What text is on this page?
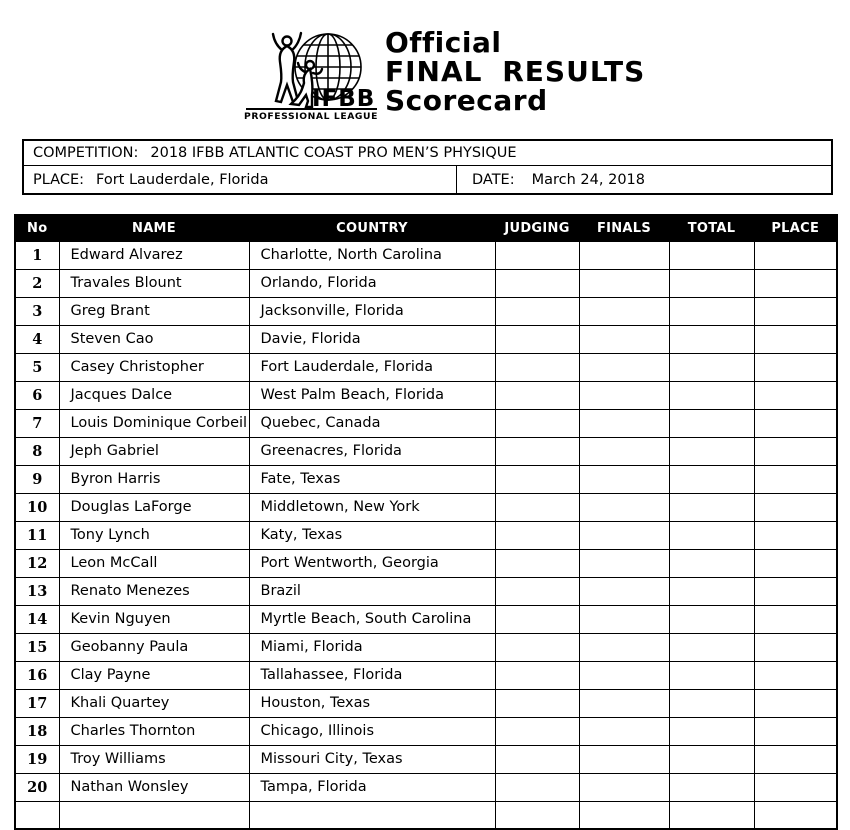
IFBB
PROFESSIONAL LEAGUE
Official
FINAL RESULTS
Scorecard
COMPETITION: 2018 IFBB ATLANTIC COAST PRO MEN’S PHYSIQUE
PLACE: Fort Lauderdale, Florida	DATE: March 24, 2018
No	NAME	COUNTRY	JUDGING	FINALS	TOTAL	PLACE
1	Edward Alvarez	Charlotte, North Carolina				
2	Travales Blount	Orlando, Florida				
3	Greg Brant	Jacksonville, Florida				
4	Steven Cao	Davie, Florida				
5	Casey Christopher	Fort Lauderdale, Florida				
6	Jacques Dalce	West Palm Beach, Florida				
7	Louis Dominique Corbeil	Quebec, Canada				
8	Jeph Gabriel	Greenacres, Florida				
9	Byron Harris	Fate, Texas				
10	Douglas LaForge	Middletown, New York				
11	Tony Lynch	Katy, Texas				
12	Leon McCall	Port Wentworth, Georgia				
13	Renato Menezes	Brazil				
14	Kevin Nguyen	Myrtle Beach, South Carolina				
15	Geobanny Paula	Miami, Florida				
16	Clay Payne	Tallahassee, Florida				
17	Khali Quartey	Houston, Texas				
18	Charles Thornton	Chicago, Illinois				
19	Troy Williams	Missouri City, Texas				
20	Nathan Wonsley	Tampa, Florida				
